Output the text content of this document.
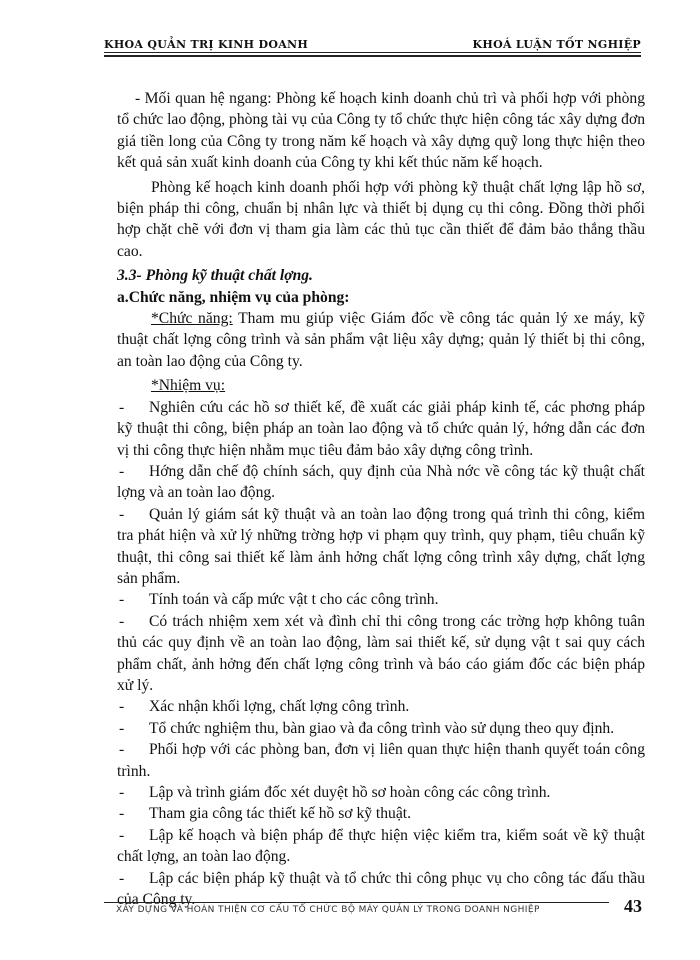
KHOA QUẢN TRỊ KINH DOANH	KHOÁ LUẬN TỐT NGHIỆP

- Mối quan hệ ngang: Phòng kế hoạch kinh doanh chủ trì và phối hợp với phòng tổ chức lao động, phòng tài vụ của Công ty tổ chức thực hiện công tác xây dựng đơn giá tiền long của Công ty trong năm kế hoạch và xây dựng quỹ long thực hiện theo kết quả sản xuất kinh doanh của Công ty khi kết thúc năm kế hoạch.

Phòng kế hoạch kinh doanh phối hợp với phòng kỹ thuật chất lợng lập hồ sơ, biện pháp thi công, chuẩn bị nhân lực và thiết bị dụng cụ thi công. Đồng thời phối hợp chặt chẽ với đơn vị tham gia làm các thủ tục cần thiết để đảm bảo thắng thầu cao.

3.3- Phòng kỹ thuật chất lợng.

a.Chức năng, nhiệm vụ của phòng:

*Chức năng: Tham mu giúp việc Giám đốc về công tác quản lý xe máy, kỹ thuật chất lợng công trình và sản phẩm vật liệu xây dựng; quản lý thiết bị thi công, an toàn lao động của Công ty.

*Nhiệm vụ:

- Nghiên cứu các hồ sơ thiết kế, đề xuất các giải pháp kinh tế, các phơng pháp kỹ thuật thi công, biện pháp an toàn lao động và tổ chức quản lý, hớng dẫn các đơn vị thi công thực hiện nhằm mục tiêu đảm bảo xây dựng công trình.
- Hớng dẫn chế độ chính sách, quy định của Nhà nớc về công tác kỹ thuật chất lợng và an toàn lao động.
- Quản lý giám sát kỹ thuật và an toàn lao động trong quá trình thi công, kiểm tra phát hiện và xử lý những trờng hợp vi phạm quy trình, quy phạm, tiêu chuẩn kỹ thuật, thi công sai thiết kế làm ảnh hởng chất lợng công trình xây dựng, chất lợng sản phẩm.
- Tính toán và cấp mức vật t cho các công trình.
- Có trách nhiệm xem xét và đình chỉ thi công trong các trờng hợp không tuân thủ các quy định về an toàn lao động, làm sai thiết kế, sử dụng vật t sai quy cách phẩm chất, ảnh hởng đến chất lợng công trình và báo cáo giám đốc các biện pháp xử lý.
- Xác nhận khối lợng, chất lợng công trình.
- Tổ chức nghiệm thu, bàn giao và đa công trình vào sử dụng theo quy định.
- Phối hợp với các phòng ban, đơn vị liên quan thực hiện thanh quyết toán công trình.
- Lập và trình giám đốc xét duyệt hồ sơ hoàn công các công trình.
- Tham gia công tác thiết kế hồ sơ kỹ thuật.
- Lập kế hoạch và biện pháp để thực hiện việc kiểm tra, kiểm soát về kỹ thuật chất lợng, an toàn lao động.
- Lập các biện pháp kỹ thuật và tổ chức thi công phục vụ cho công tác đấu thầu của Công ty.
XÂY DỰNG VÀ HOÀN THIỆN CƠ CẤU TỔ CHỨC BỘ MÁY QUẢN LÝ TRONG DOANH NGHIỆP	43
